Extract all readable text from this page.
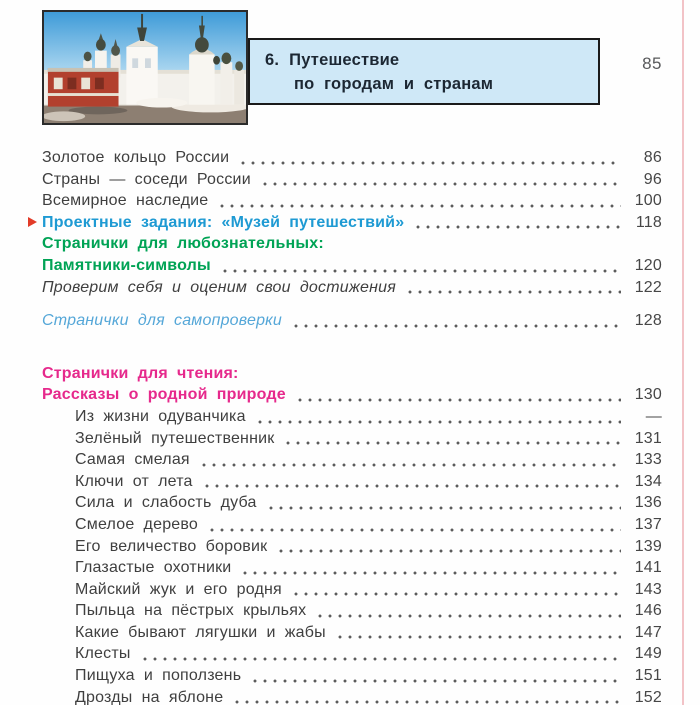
6. Путешествие
по городам и странам
85
Золотое кольцо России	86
Страны — соседи России	96
Всемирное наследие	100
Проектные задания: «Музей путешествий»	118
Странички для любознательных:
Памятники-символы	120
Проверим себя и оценим свои достижения	122
Странички для самопроверки	128
Странички для чтения:
Рассказы о родной природе	130
Из жизни одуванчика	—
Зелёный путешественник	131
Самая смелая	133
Ключи от лета	134
Сила и слабость дуба	136
Смелое дерево	137
Его величество боровик	139
Глазастые охотники	141
Майский жук и его родня	143
Пыльца на пёстрых крыльях	146
Какие бывают лягушки и жабы	147
Клесты	149
Пищуха и поползень	151
Дрозды на яблоне	152
